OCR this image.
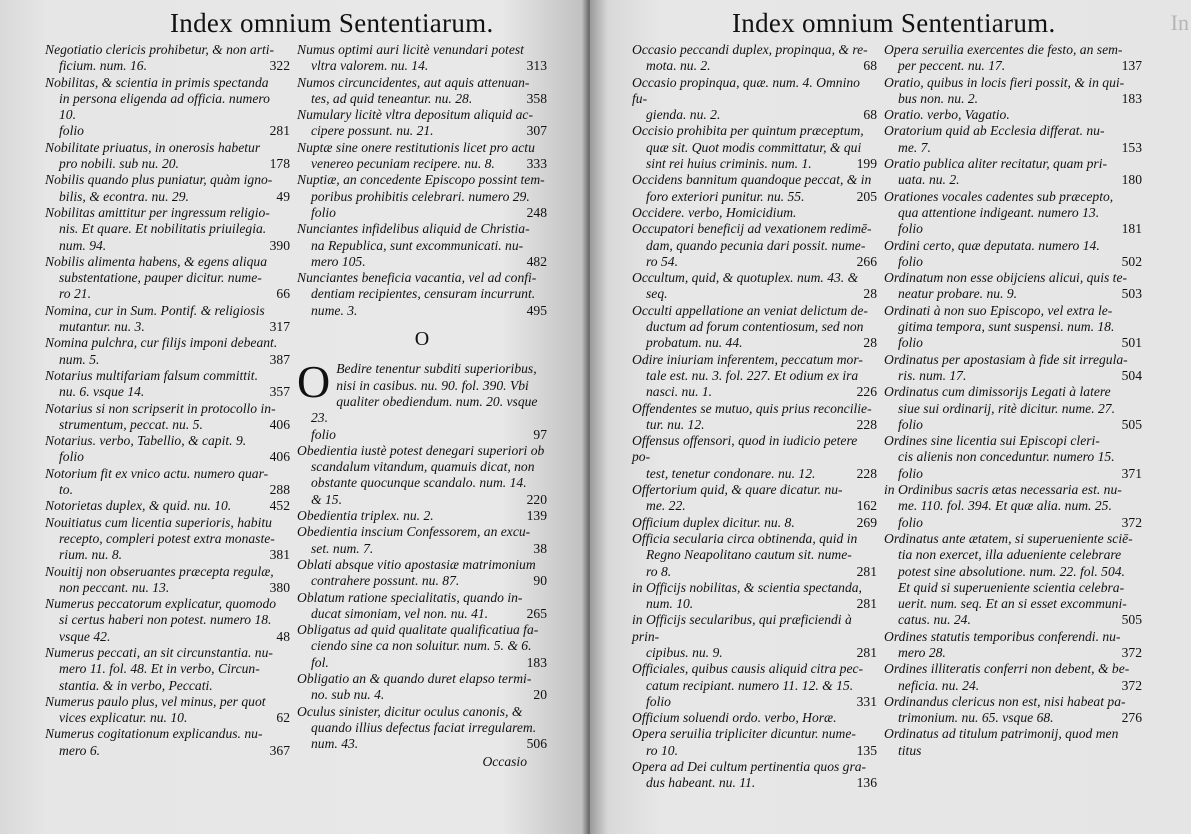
Index omnium Sententiarum.
Negotiatio clericis prohibetur, & non arti-
ficium. num. 16.	322
Nobilitas, & scientia in primis spectanda
in persona eligenda ad officia. numero 10.
folio	281
Nobilitate priuatus, in onerosis habetur
pro nobili. sub nu. 20.	178
Nobilis quando plus puniatur, quàm igno-
bilis, & econtra. nu. 29.	49
Nobilitas amittitur per ingressum religio-
nis. Et quare. Et nobilitatis priuilegia.
num. 94.	390
Nobilis alimenta habens, & egens aliqua
substentatione, pauper dicitur. nume-
ro 21.	66
Nomina, cur in Sum. Pontif. & religiosis
mutantur. nu. 3.	317
Nomina pulchra, cur filijs imponi debeant.
num. 5.	387
Notarius multifariam falsum committit.
nu. 6. vsque 14.	357
Notarius si non scripserit in protocollo in-
strumentum, peccat. nu. 5.	406
Notarius. verbo, Tabellio, & capit. 9.
folio	406
Notorium fit ex vnico actu. numero quar-
to.	288
Notorietas duplex, & quid. nu. 10.	452
Nouitiatus cum licentia superioris, habitu
recepto, compleri potest extra monaste-
rium. nu. 8.	381
Nouitij non obseruantes præcepta regulæ,
non peccant. nu. 13.	380
Numerus peccatorum explicatur, quomodo
si certus haberi non potest. numero 18.
vsque 42.	48
Numerus peccati, an sit circunstantia. nu-
mero 11. fol. 48. Et in verbo, Circun-
stantia. & in verbo, Peccati.
Numerus paulo plus, vel minus, per quot
vices explicatur. nu. 10.	62
Numerus cogitationum explicandus. nu-
mero 6.	367
Numus optimi auri licitè venundari potest
vltra valorem. nu. 14.	313
Numos circuncidentes, aut aquis attenuan-
tes, ad quid teneantur. nu. 28.	358
Numulary licitè vltra depositum aliquid ac-
cipere possunt. nu. 21.	307
Nuptæ sine onere restitutionis licet pro actu
venereo pecuniam recipere. nu. 8. 333
Nuptiæ, an concedente Episcopo possint tem-
poribus prohibitis celebrari. numero 29.
folio	248
Nunciantes infidelibus aliquid de Christia-
na Republica, sunt excommunicati. nu-
mero 105.	482
Nunciantes beneficia vacantia, vel ad confi-
dentiam recipientes, censuram incurrunt.
nume. 3.	495
O
O Bedire tenentur subditi superioribus,
nisi in casibus. nu. 90. fol. 390. Vbi
qualiter obediendum. num. 20. vsque 23.
folio	97
Obedientia iustè potest denegari superiori ob
scandalum vitandum, quamuis dicat, non
obstante quocunque scandalo. num. 14.
& 15.	220
Obedientia triplex. nu. 2.	139
Obedientia inscium Confessorem, an excu-
set. num. 7.	38
Oblati absque vitio apostasiæ matrimonium
contrahere possunt. nu. 87.	90
Oblatum ratione specialitatis, quando in-
ducat simoniam, vel non. nu. 41.	265
Obligatus ad quid qualitate qualificatiua fa-
ciendo sine ca non soluitur. num. 5. & 6.
fol.	183
Obligatio an & quando duret elapso termi-
no. sub nu. 4.	20
Oculus sinister, dicitur oculus canonis, &
quando illius defectus faciat irregularem.
num. 43.	506
Occasio
Index omnium Sententiarum.	In
Occasio peccandi duplex, propinqua, & re-
mota. nu. 2.	68
Occasio propinqua, quæ. num. 4. Omnino fu-
gienda. nu. 2.	68
Occisio prohibita per quintum præceptum,
quæ sit. Quot modis committatur, & qui
sint rei huius criminis. num. 1.	199
Occidens bannitum quandoque peccat, & in
foro exteriori punitur. nu. 55.	205
Occidere. verbo, Homicidium.
Occupatori beneficij ad vexationem redimē-
dam, quando pecunia dari possit. nume-
ro 54.	266
Occultum, quid, & quotuplex. num. 43. &
seq.	28
Occulti appellatione an veniat delictum de-
ductum ad forum contentiosum, sed non
probatum. nu. 44.	28
Odire iniuriam inferentem, peccatum mor-
tale est. nu. 3. fol. 227. Et odium ex ira
nasci. nu. 1.	226
Offendentes se mutuo, quis prius reconcilie-
tur. nu. 12.	228
Offensus offensori, quod in iudicio petere po-
test, tenetur condonare. nu. 12.	228
Offertorium quid, & quare dicatur. nu-
me. 22.	162
Officium duplex dicitur. nu. 8.	269
Officia secularia circa obtinenda, quid in
Regno Neapolitano cautum sit. nume-
ro 8.	281
in Officijs nobilitas, & scientia spectanda,
num. 10.	281
in Officijs secularibus, qui præficiendi à prin-
cipibus. nu. 9.	281
Officiales, quibus causis aliquid citra pec-
catum recipiant. numero 11. 12. & 15.
folio	331
Officium soluendi ordo. verbo, Horæ.
Opera seruilia tripliciter dicuntur. nume-
ro 10.	135
Opera ad Dei cultum pertinentia quos gra-
dus habeant. nu. 11.	136
Opera seruilia exercentes die festo, an sem-
per peccent. nu. 17.	137
Oratio, quibus in locis fieri possit, & in qui-
bus non. nu. 2.	183
Oratio. verbo, Vagatio.
Oratorium quid ab Ecclesia differat. nu-
me. 7.	153
Oratio publica aliter recitatur, quam pri-
uata. nu. 2.	180
Orationes vocales cadentes sub præcepto,
qua attentione indigeant. numero 13.
folio	181
Ordini certo, quæ deputata. numero 14.
folio	502
Ordinatum non esse obijciens alicui, quis te-
neatur probare. nu. 9.	503
Ordinati à non suo Episcopo, vel extra le-
gitima tempora, sunt suspensi. num. 18.
folio	501
Ordinatus per apostasiam à fide sit irregula-
ris. num. 17.	504
Ordinatus cum dimissorijs Legati à latere
siue sui ordinarij, ritè dicitur. nume. 27.
folio	505
Ordines sine licentia sui Episcopi cleri-
cis alienis non conceduntur. numero 15.
folio	371
in Ordinibus sacris ætas necessaria est. nu-
me. 110. fol. 394. Et quæ alia. num. 25.
folio	372
Ordinatus ante ætatem, si superueniente sciē-
tia non exercet, illa adueniente celebrare
potest sine absolutione. num. 22. fol. 504.
Et quid si superueniente scientia celebra-
uerit. num. seq. Et an si esset excommuni-
catus. nu. 24.	505
Ordines statutis temporibus conferendi. nu-
mero 28.	372
Ordines illiteratis conferri non debent, & be-
neficia. nu. 24.	372
Ordinandus clericus non est, nisi habeat pa-
trimonium. nu. 65. vsque 68.	276
Ordinatus ad titulum patrimonij, quod men
titus
